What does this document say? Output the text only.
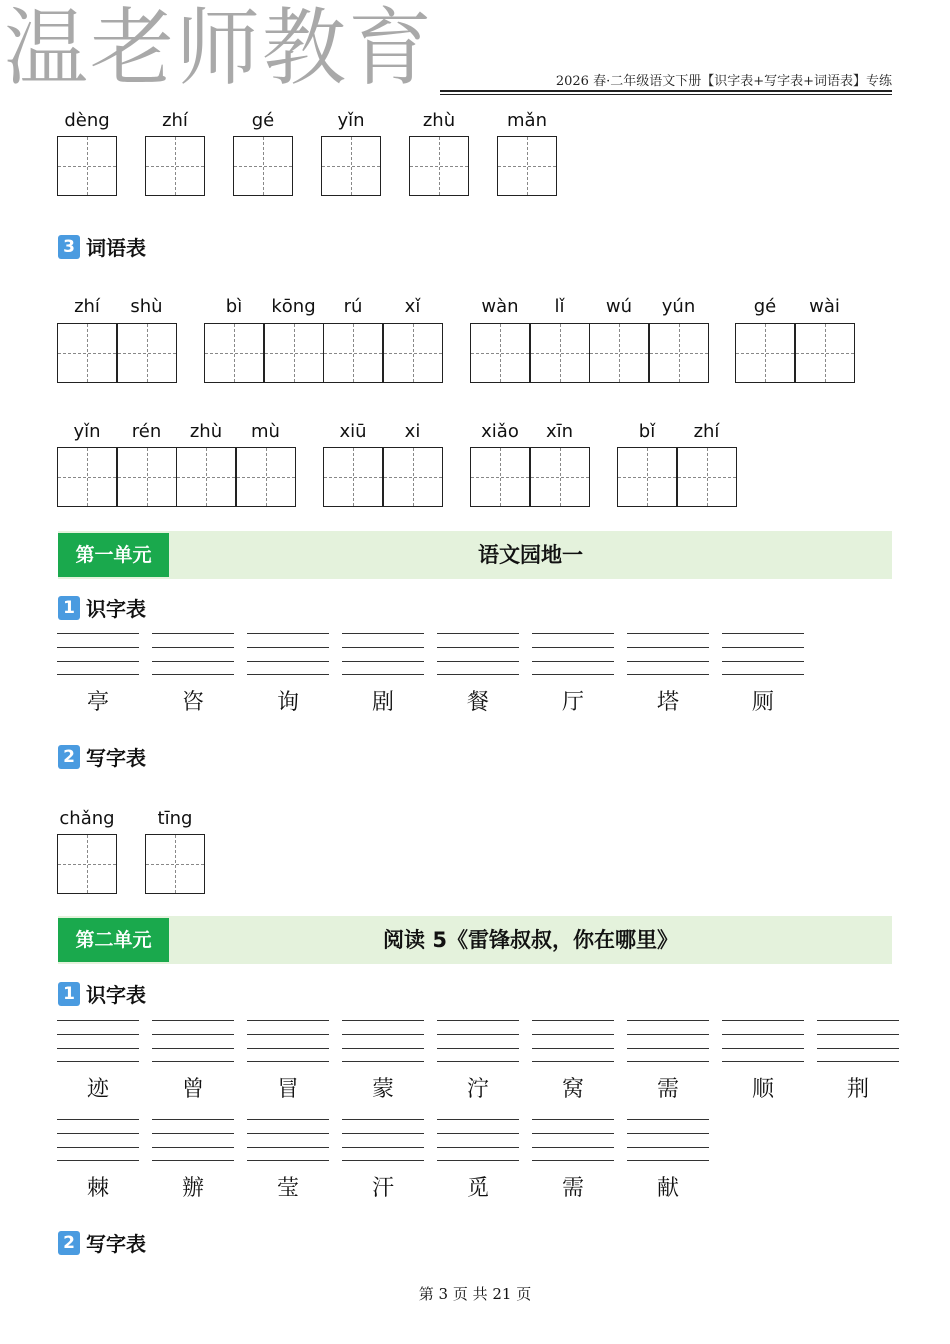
温老师教育	2026 春·二年级语文下册【识字表+写字表+词语表】专练
dèng	zhí	gé	yǐn	zhù	mǎn
3 词语表
zhí	shù	bì	kōng	rú	xǐ	wàn	lǐ	wú	yún	gé	wài
yǐn	rén	zhù	mù	xiū	xi	xiǎo	xīn	bǐ	zhí
第一单元	语文园地一
1 识字表
亭	咨	询	剧	餐	厅	塔	厕
2 写字表
chǎng	tīng
第二单元	阅读 5《雷锋叔叔，你在哪里》
1 识字表
迹	曾	冒	蒙	泞	窝	需	顺	荆
棘	辦	莹	汗	觅	需	献
2 写字表
第 3 页 共 21 页
